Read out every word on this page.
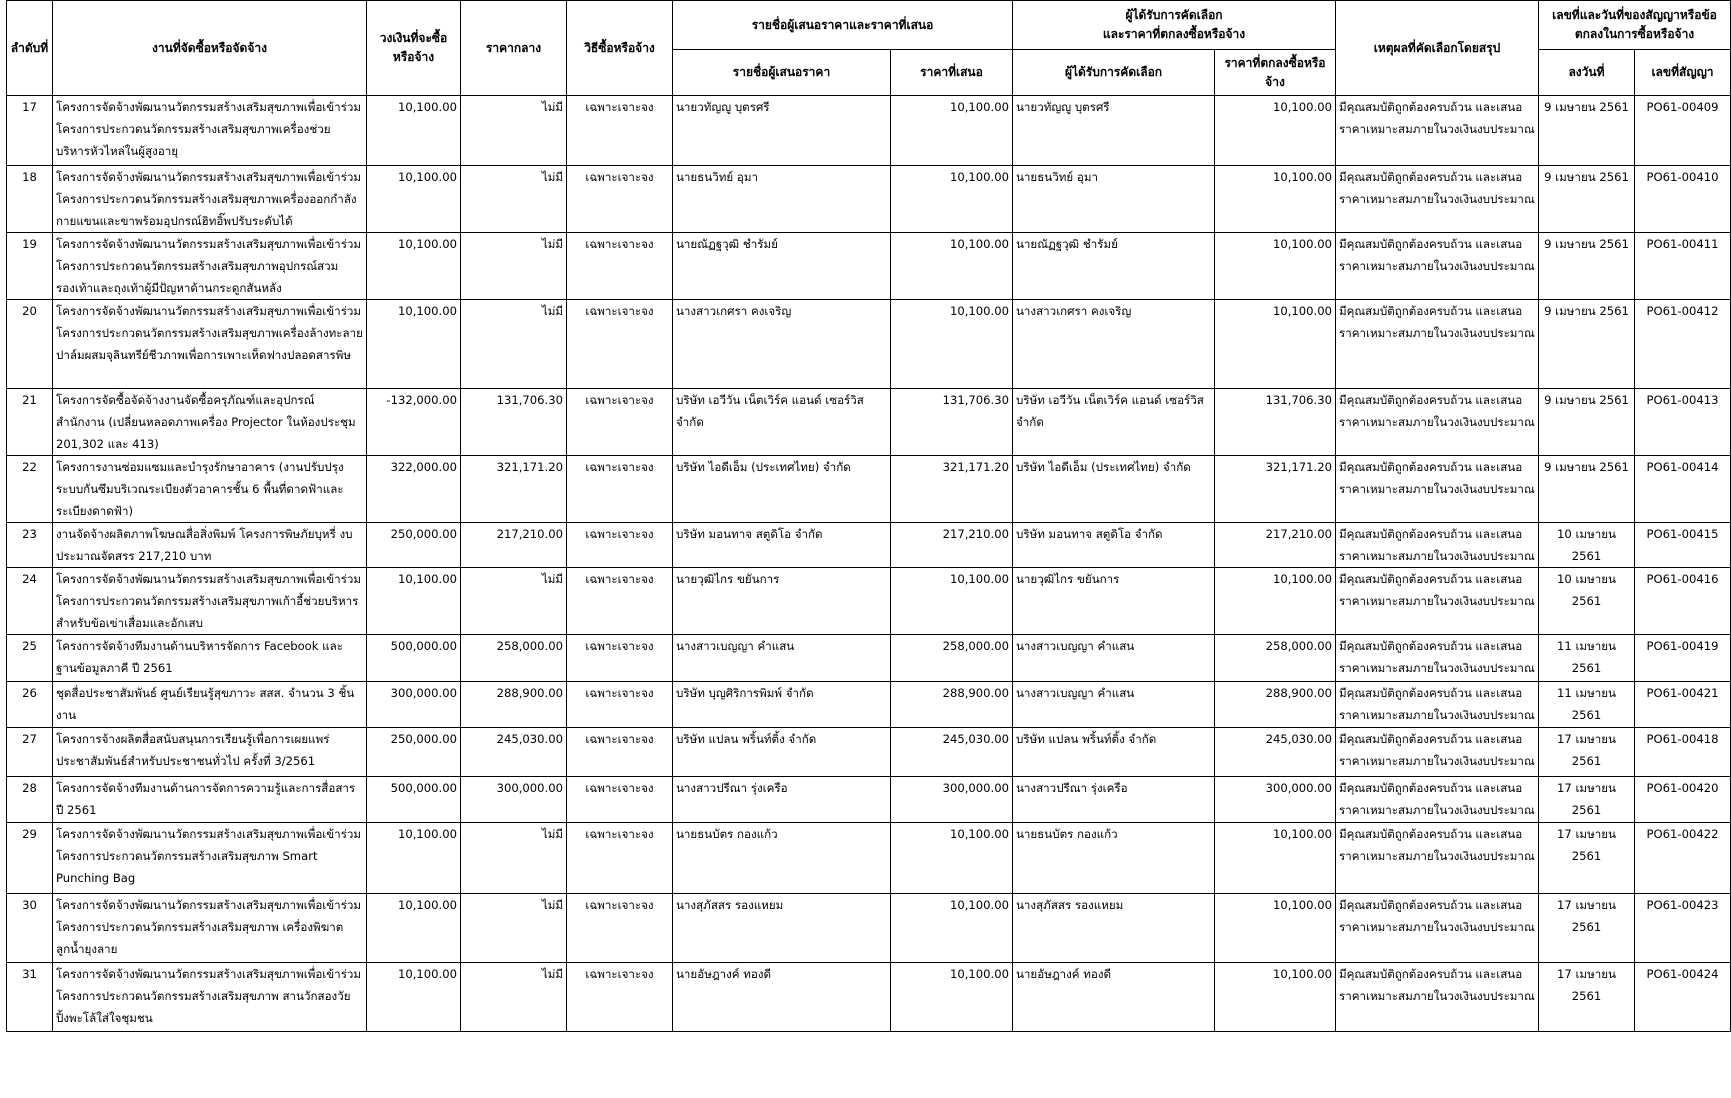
ลำดับที่	งานที่จัดซื้อหรือจัดจ้าง	วงเงินที่จะซื้อหรือจ้าง	ราคากลาง	วิธีซื้อหรือจ้าง	รายชื่อผู้เสนอราคาและราคาที่เสนอ		ผู้ได้รับการคัดเลือก
และราคาที่ตกลงซื้อหรือจ้าง		เหตุผลที่คัดเลือกโดยสรุป	เลขที่และวันที่ของสัญญาหรือข้อตกลงในการซื้อหรือจ้าง	
					รายชื่อผู้เสนอราคา	ราคาที่เสนอ	ผู้ได้รับการคัดเลือก	ราคาที่ตกลงซื้อหรือจ้าง		ลงวันที่	เลขที่สัญญา
17	โครงการจัดจ้างพัฒนานวัตกรรมสร้างเสริมสุขภาพเพื่อเข้าร่วมโครงการประกวดนวัตกรรมสร้างเสริมสุขภาพเครื่องช่วยบริหารหัวไหล่ในผู้สูงอายุ	10,100.00	ไม่มี	เฉพาะเจาะจง	นายวทัญญู บุตรศรี	10,100.00	นายวทัญญู บุตรศรี	10,100.00	มีคุณสมบัติถูกต้องครบถ้วน และเสนอราคาเหมาะสมภายในวงเงินงบประมาณ	9 เมษายน 2561	PO61-00409
18	โครงการจัดจ้างพัฒนานวัตกรรมสร้างเสริมสุขภาพเพื่อเข้าร่วมโครงการประกวดนวัตกรรมสร้างเสริมสุขภาพเครื่องออกกำลังกายแขนและขาพร้อมอุปกรณ์ฮิทอิ๊พปรับระดับได้	10,100.00	ไม่มี	เฉพาะเจาะจง	นายธนวิทย์ อุมา	10,100.00	นายธนวิทย์ อุมา	10,100.00	มีคุณสมบัติถูกต้องครบถ้วน และเสนอราคาเหมาะสมภายในวงเงินงบประมาณ	9 เมษายน 2561	PO61-00410
19	โครงการจัดจ้างพัฒนานวัตกรรมสร้างเสริมสุขภาพเพื่อเข้าร่วมโครงการประกวดนวัตกรรมสร้างเสริมสุขภาพอุปกรณ์สวมรองเท้าและถุงเท้าผู้มีปัญหาด้านกระดูกสันหลัง	10,100.00	ไม่มี	เฉพาะเจาะจง	นายณัฏฐวุฒิ ชำรัมย์	10,100.00	นายณัฏฐวุฒิ ชำรัมย์	10,100.00	มีคุณสมบัติถูกต้องครบถ้วน และเสนอราคาเหมาะสมภายในวงเงินงบประมาณ	9 เมษายน 2561	PO61-00411
20	โครงการจัดจ้างพัฒนานวัตกรรมสร้างเสริมสุขภาพเพื่อเข้าร่วมโครงการประกวดนวัตกรรมสร้างเสริมสุขภาพเครื่องล้างทะลายปาล์มผสมจุลินทรีย์ชีวภาพเพื่อการเพาะเห็ดฟางปลอดสารพิษ	10,100.00	ไม่มี	เฉพาะเจาะจง	นางสาวเกศรา คงเจริญ	10,100.00	นางสาวเกศรา คงเจริญ	10,100.00	มีคุณสมบัติถูกต้องครบถ้วน และเสนอราคาเหมาะสมภายในวงเงินงบประมาณ	9 เมษายน 2561	PO61-00412
21	โครงการจัดซื้อจัดจ้างงานจัดซื้อครุภัณฑ์และอุปกรณ์สำนักงาน (เปลี่ยนหลอดภาพเครื่อง Projector ในห้องประชุม 201,302 และ 413)	-132,000.00	131,706.30	เฉพาะเจาะจง	บริษัท เอวีวัน เน็ตเวิร์ค แอนด์ เซอร์วิส จำกัด	131,706.30	บริษัท เอวีวัน เน็ตเวิร์ค แอนด์ เซอร์วิส จำกัด	131,706.30	มีคุณสมบัติถูกต้องครบถ้วน และเสนอราคาเหมาะสมภายในวงเงินงบประมาณ	9 เมษายน 2561	PO61-00413
22	โครงการงานซ่อมแซมและบำรุงรักษาอาคาร (งานปรับปรุงระบบกันซึมบริเวณระเบียงตัวอาคารชั้น 6 พื้นที่ดาดฟ้าและระเบียงดาดฟ้า)	322,000.00	321,171.20	เฉพาะเจาะจง	บริษัท ไอดีเอ็ม (ประเทศไทย) จำกัด	321,171.20	บริษัท ไอดีเอ็ม (ประเทศไทย) จำกัด	321,171.20	มีคุณสมบัติถูกต้องครบถ้วน และเสนอราคาเหมาะสมภายในวงเงินงบประมาณ	9 เมษายน 2561	PO61-00414
23	งานจัดจ้างผลิตภาพโฆษณสื่อสิ่งพิมพ์ โครงการพิษภัยบุหรี่ งบประมาณจัดสรร 217,210 บาท	250,000.00	217,210.00	เฉพาะเจาะจง	บริษัท มอนทาจ สตูดิโอ จำกัด	217,210.00	บริษัท มอนทาจ สตูดิโอ จำกัด	217,210.00	มีคุณสมบัติถูกต้องครบถ้วน และเสนอราคาเหมาะสมภายในวงเงินงบประมาณ	10 เมษายน 2561	PO61-00415
24	โครงการจัดจ้างพัฒนานวัตกรรมสร้างเสริมสุขภาพเพื่อเข้าร่วมโครงการประกวดนวัตกรรมสร้างเสริมสุขภาพเก้าอี้ช่วยบริหารสำหรับข้อเข่าเสื่อมและอักเสบ	10,100.00	ไม่มี	เฉพาะเจาะจง	นายวุฒิไกร ขยันการ	10,100.00	นายวุฒิไกร ขยันการ	10,100.00	มีคุณสมบัติถูกต้องครบถ้วน และเสนอราคาเหมาะสมภายในวงเงินงบประมาณ	10 เมษายน 2561	PO61-00416
25	โครงการจัดจ้างทีมงานด้านบริหารจัดการ Facebook และฐานข้อมูลภาคี ปี 2561	500,000.00	258,000.00	เฉพาะเจาะจง	นางสาวเบญญา คำแสน	258,000.00	นางสาวเบญญา คำแสน	258,000.00	มีคุณสมบัติถูกต้องครบถ้วน และเสนอราคาเหมาะสมภายในวงเงินงบประมาณ	11 เมษายน 2561	PO61-00419
26	ชุดสื่อประชาสัมพันธ์ ศูนย์เรียนรู้สุขภาวะ สสส. จำนวน 3 ชิ้นงาน	300,000.00	288,900.00	เฉพาะเจาะจง	บริษัท บุญศิริการพิมพ์ จำกัด	288,900.00	นางสาวเบญญา คำแสน	288,900.00	มีคุณสมบัติถูกต้องครบถ้วน และเสนอราคาเหมาะสมภายในวงเงินงบประมาณ	11 เมษายน 2561	PO61-00421
27	โครงการจ้างผลิตสื่อสนับสนุนการเรียนรู้เพื่อการเผยแพร่ประชาสัมพันธ์สำหรับประชาชนทั่วไป ครั้งที่ 3/2561	250,000.00	245,030.00	เฉพาะเจาะจง	บริษัท แปลน พริ้นท์ติ้ง จำกัด	245,030.00	บริษัท แปลน พริ้นท์ติ้ง จำกัด	245,030.00	มีคุณสมบัติถูกต้องครบถ้วน และเสนอราคาเหมาะสมภายในวงเงินงบประมาณ	17 เมษายน 2561	PO61-00418
28	โครงการจัดจ้างทีมงานด้านการจัดการความรู้และการสื่อสาร ปี 2561	500,000.00	300,000.00	เฉพาะเจาะจง	นางสาวปรีณา รุ่งเครือ	300,000.00	นางสาวปรีณา รุ่งเครือ	300,000.00	มีคุณสมบัติถูกต้องครบถ้วน และเสนอราคาเหมาะสมภายในวงเงินงบประมาณ	17 เมษายน 2561	PO61-00420
29	โครงการจัดจ้างพัฒนานวัตกรรมสร้างเสริมสุขภาพเพื่อเข้าร่วมโครงการประกวดนวัตกรรมสร้างเสริมสุขภาพ Smart Punching Bag	10,100.00	ไม่มี	เฉพาะเจาะจง	นายธนบัตร กองแก้ว	10,100.00	นายธนบัตร กองแก้ว	10,100.00	มีคุณสมบัติถูกต้องครบถ้วน และเสนอราคาเหมาะสมภายในวงเงินงบประมาณ	17 เมษายน 2561	PO61-00422
30	โครงการจัดจ้างพัฒนานวัตกรรมสร้างเสริมสุขภาพเพื่อเข้าร่วมโครงการประกวดนวัตกรรมสร้างเสริมสุขภาพ เครื่องพิฆาตลูกน้ำยุงลาย	10,100.00	ไม่มี	เฉพาะเจาะจง	นางสุภัสสร รองแหยม	10,100.00	นางสุภัสสร รองแหยม	10,100.00	มีคุณสมบัติถูกต้องครบถ้วน และเสนอราคาเหมาะสมภายในวงเงินงบประมาณ	17 เมษายน 2561	PO61-00423
31	โครงการจัดจ้างพัฒนานวัตกรรมสร้างเสริมสุขภาพเพื่อเข้าร่วมโครงการประกวดนวัตกรรมสร้างเสริมสุขภาพ สานวักสองวัยปิ้งพะโล้ใส่ใจชุมชน	10,100.00	ไม่มี	เฉพาะเจาะจง	นายอัษฎางค์ ทองดี	10,100.00	นายอัษฎางค์ ทองดี	10,100.00	มีคุณสมบัติถูกต้องครบถ้วน และเสนอราคาเหมาะสมภายในวงเงินงบประมาณ	17 เมษายน 2561	PO61-00424
